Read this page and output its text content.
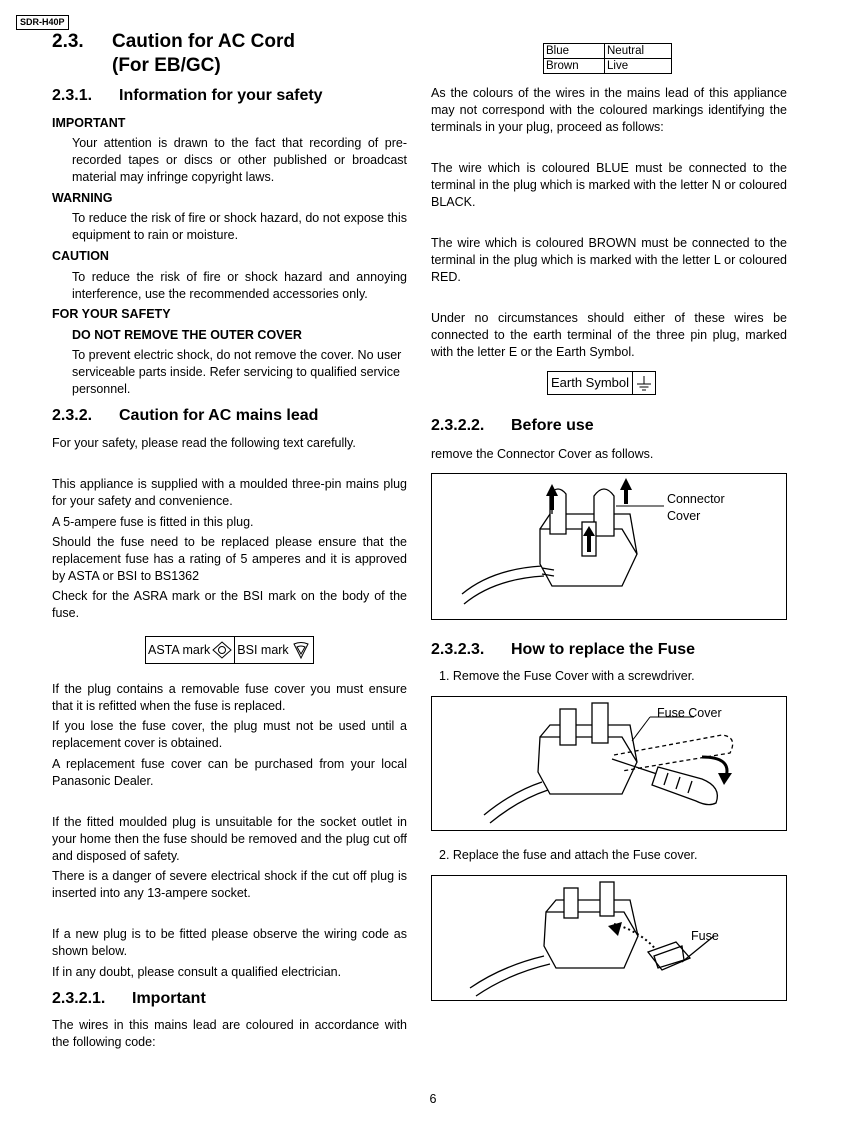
SDR-H40P
2.3. Caution for AC Cord
(For EB/GC)
2.3.1. Information for your safety
IMPORTANT
Your attention is drawn to the fact that recording of pre-recorded tapes or discs or other published or broadcast material may infringe copyright laws.
WARNING
To reduce the risk of fire or shock hazard, do not expose this equipment to rain or moisture.
CAUTION
To reduce the risk of fire or shock hazard and annoying interference, use the recommended accessories only.
FOR YOUR SAFETY
DO NOT REMOVE THE OUTER COVER
To prevent electric shock, do not remove the cover. No user serviceable parts inside. Refer servicing to qualified service personnel.
2.3.2. Caution for AC mains lead
For your safety, please read the following text carefully.
This appliance is supplied with a moulded three-pin mains plug for your safety and convenience.
A 5-ampere fuse is fitted in this plug.
Should the fuse need to be replaced please ensure that the replacement fuse has a rating of 5 amperes and it is approved by ASTA or BSI to BS1362
Check for the ASRA mark or the BSI mark on the body of the fuse.
ASTA mark BSI mark
If the plug contains a removable fuse cover you must ensure that it is refitted when the fuse is replaced.
If you lose the fuse cover, the plug must not be used until a replacement cover is obtained.
A replacement fuse cover can be purchased from your local Panasonic Dealer.
If the fitted moulded plug is unsuitable for the socket outlet in your home then the fuse should be removed and the plug cut off and disposed of safety.
There is a danger of severe electrical shock if the cut off plug is inserted into any 13-ampere socket.
If a new plug is to be fitted please observe the wiring code as shown below.
If in any doubt, please consult a qualified electrician.
2.3.2.1. Important
The wires in this mains lead are coloured in accordance with the following code:
Blue	Neutral
Brown	Live
As the colours of the wires in the mains lead of this appliance may not correspond with the coloured markings identifying the terminals in your plug, proceed as follows:
The wire which is coloured BLUE must be connected to the terminal in the plug which is marked with the letter N or coloured BLACK.
The wire which is coloured BROWN must be connected to the terminal in the plug which is marked with the letter L or coloured RED.
Under no circumstances should either of these wires be connected to the earth terminal of the three pin plug, marked with the letter E or the Earth Symbol.
Earth Symbol
2.3.2.2. Before use
remove the Connector Cover as follows.
Connector
Cover
2.3.2.3. How to replace the Fuse
1. Remove the Fuse Cover with a screwdriver.
Fuse Cover
2. Replace the fuse and attach the Fuse cover.
Fuse
6
